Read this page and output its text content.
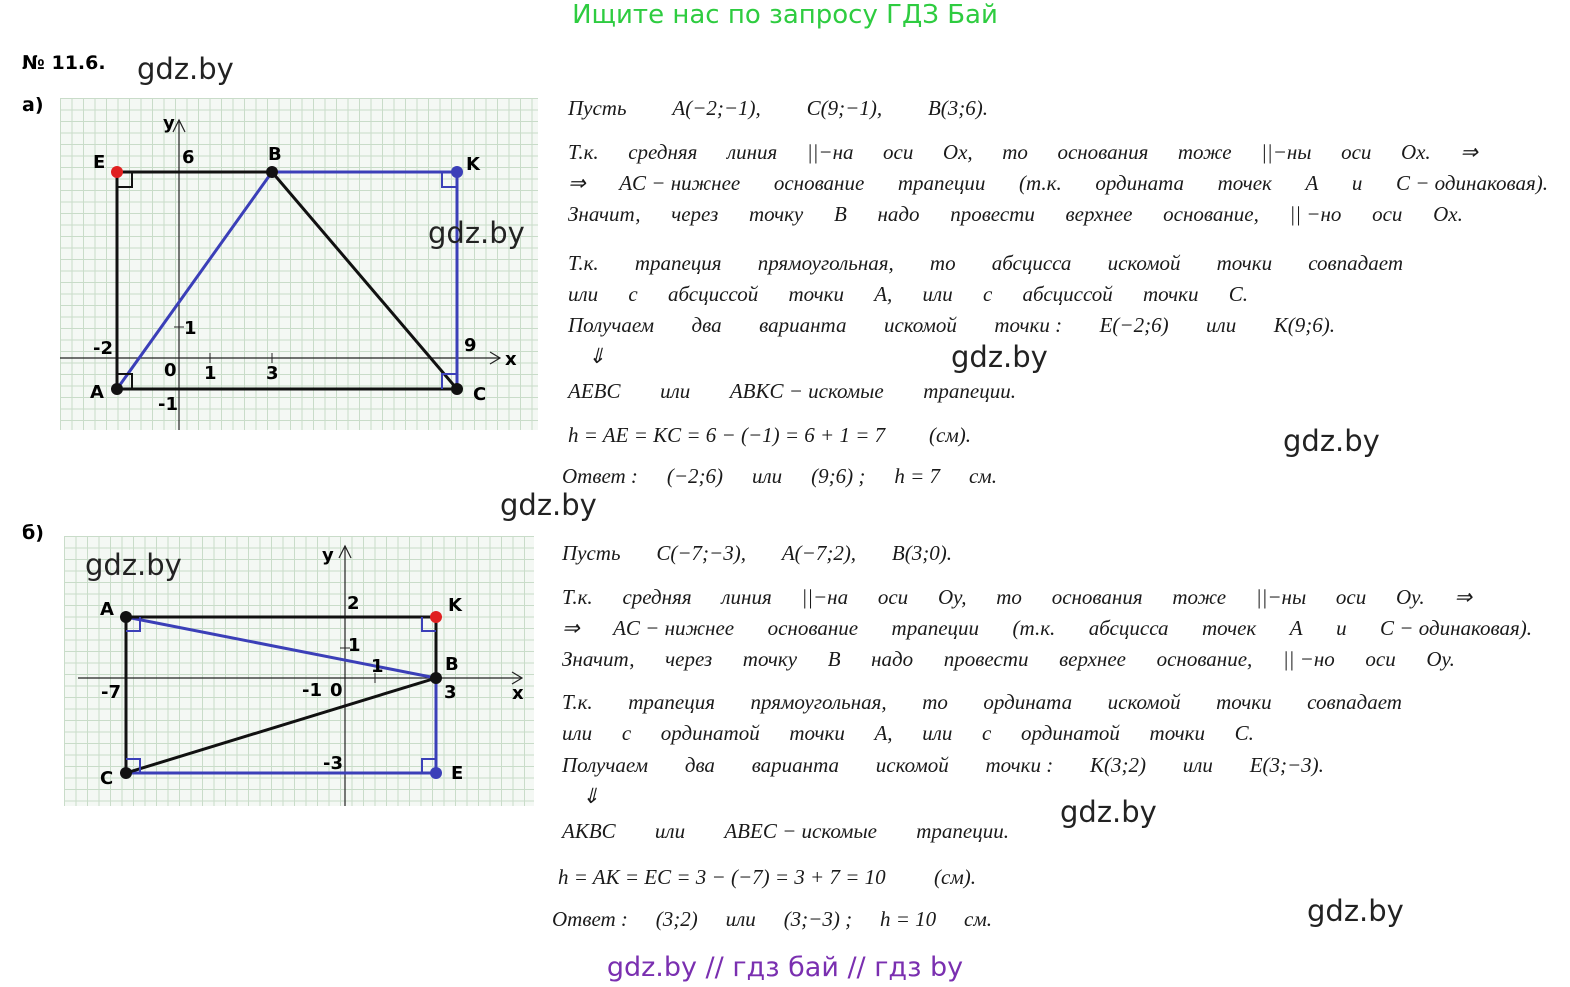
Ищите нас по запросу ГДЗ Бай
№ 11.6.
а)
E	B	K
A	C
y
x
6
1
-2
0 1	3
9
-1
б)
A	K
B
C	E
y
x
2
1
1
-7	-1 0	3
-3
Пусть A(−2;−1), C(9;−1), B(3;6).
Т.к. средняя линия ||−на оси Ox, то основания тоже ||−ны оси Ox. ⇒
⇒ AC − нижнее основание трапеции (т.к. ордината точек A и C − одинаковая).
Значит, через точку B надо провести верхнее основание, || −но оси Ox.
Т.к. трапеция прямоугольная, то абсцисса искомой точки совпадает
или с абсциссой точки A, или с абсциссой точки C.
Получаем два варианта искомой точки : E(−2;6) или K(9;6).
⇓
AEBC или ABKC − искомые трапеции.
h = AE = KC = 6 − (−1) = 6 + 1 = 7 (см).
Ответ : (−2;6) или (9;6) ; h = 7 см.
Пусть C(−7;−3), A(−7;2), B(3;0).
Т.к. средняя линия ||−на оси Oy, то основания тоже ||−ны оси Oy. ⇒
⇒ AC − нижнее основание трапеции (т.к. абсцисса точек A и C − одинаковая).
Значит, через точку B надо провести верхнее основание, || −но оси Oy.
Т.к. трапеция прямоугольная, то ордината искомой точки совпадает
или с ординатой точки A, или с ординатой точки C.
Получаем два варианта искомой точки : K(3;2) или E(3;−3).
⇓
AKBC или ABEC − искомые трапеции.
h = AK = EC = 3 − (−7) = 3 + 7 = 10 (см).
Ответ : (3;2) или (3;−3) ; h = 10 см.
gdz.by
gdz.by
gdz.by
gdz.by
gdz.by
gdz.by
gdz.by
gdz.by
gdz.by // гдз бай // гдз by
